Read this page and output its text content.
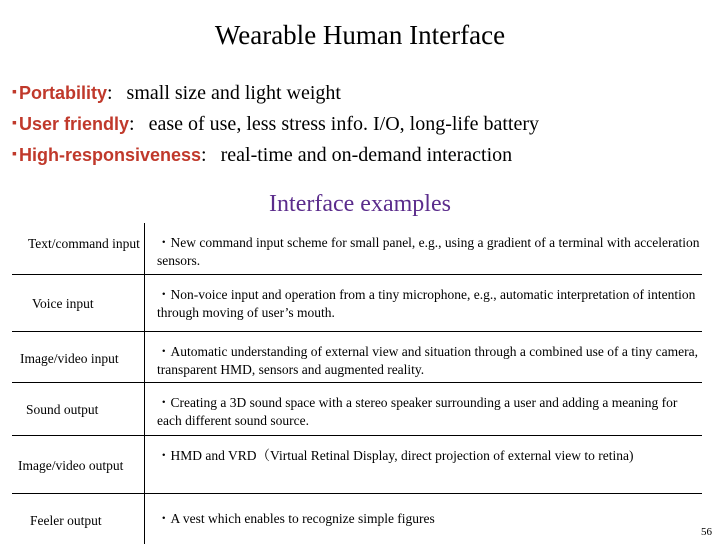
Wearable Human Interface
▪ Portability: small size and light weight
▪ User friendly: ease of use, less stress info. I/O, long-life battery
▪ High-responsiveness: real-time and on-demand interaction
Interface examples
Text/command input	・New command input scheme for small panel, e.g., using a gradient of a terminal with acceleration sensors.

Voice input	・Non-voice input and operation from a tiny microphone, e.g., automatic interpretation of intention through moving of user’s mouth.

Image/video input	・Automatic understanding of external view and situation through a combined use of a tiny camera, transparent HMD, sensors and augmented reality.

Sound output	・Creating a 3D sound space with a stereo speaker surrounding a user and adding a meaning for each different sound source.

Image/video output	・HMD and VRD（Virtual Retinal Display, direct projection of external view to retina)

Feeler output	・A vest which enables to recognize simple figures
56
